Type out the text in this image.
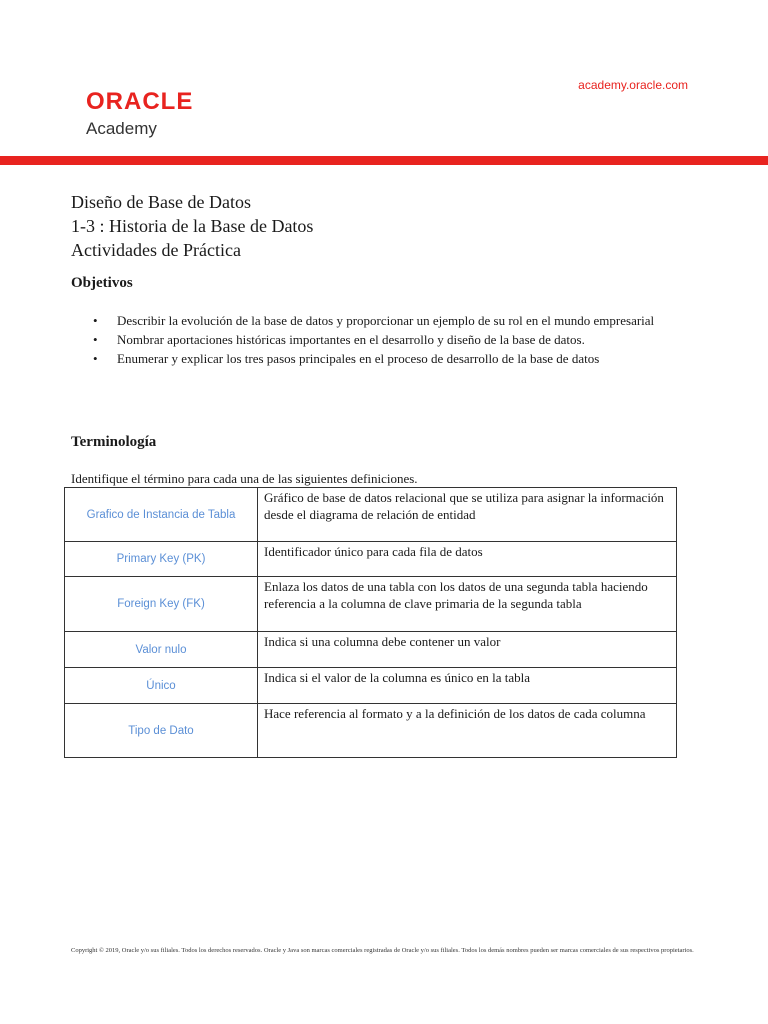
ORACLE
Academy
academy.oracle.com
Diseño de Base de Datos
1-3 : Historia de la Base de Datos
Actividades de Práctica
Objetivos
• Describir la evolución de la base de datos y proporcionar un ejemplo de su rol en el mundo empresarial
• Nombrar aportaciones históricas importantes en el desarrollo y diseño de la base de datos.
• Enumerar y explicar los tres pasos principales en el proceso de desarrollo de la base de datos
Terminología
Identifique el término para cada una de las siguientes definiciones.
Grafico de Instancia de Tabla	Gráfico de base de datos relacional que se utiliza para asignar la información desde el diagrama de relación de entidad
Primary Key (PK)	Identificador único para cada fila de datos
Foreign Key (FK)	Enlaza los datos de una tabla con los datos de una segunda tabla haciendo referencia a la columna de clave primaria de la segunda tabla
Valor nulo	Indica si una columna debe contener un valor
Único	Indica si el valor de la columna es único en la tabla
Tipo de Dato	Hace referencia al formato y a la definición de los datos de cada columna
Copyright © 2019, Oracle y/o sus filiales. Todos los derechos reservados. Oracle y Java son marcas comerciales registradas de Oracle y/o sus filiales. Todos los demás nombres pueden ser marcas comerciales de sus respectivos propietarios.
